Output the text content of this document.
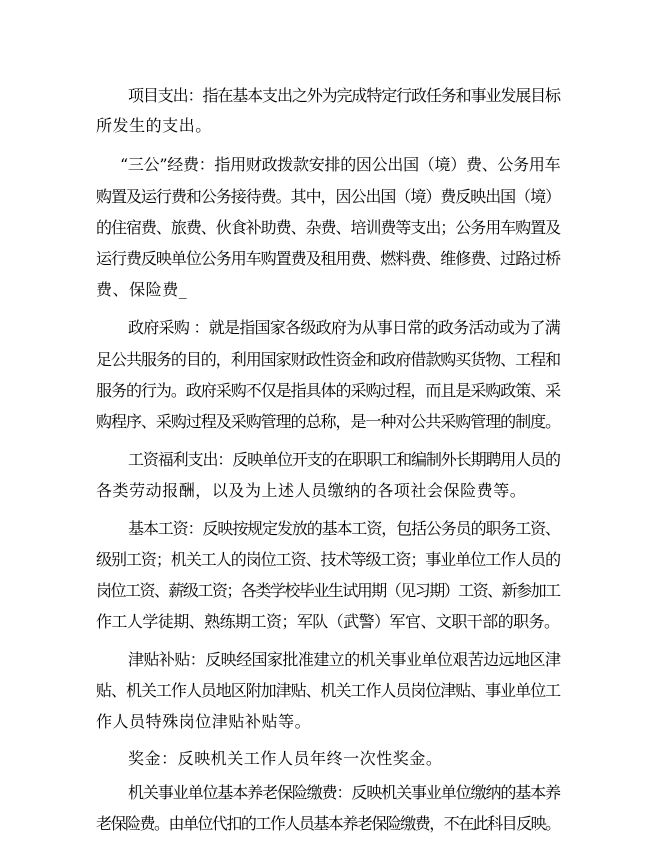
项目支出：指在基本支出之外为完成特定行政任务和事业发展目标
所发生的支出。
“三公”经费：指用财政拨款安排的因公出国（境）费、公务用车
购置及运行费和公务接待费。其中，因公出国（境）费反映出国（境）
的住宿费、旅费、伙食补助费、杂费、培训费等支出；公务用车购置及
运行费反映单位公务用车购置费及租用费、燃料费、维修费、过路过桥
费、保险费_
政府采购 ：就是指国家各级政府为从事日常的政务活动或为了满
足公共服务的目的，利用国家财政性资金和政府借款购买货物、工程和
服务的行为。政府采购不仅是指具体的采购过程，而且是采购政策、采
购程序、采购过程及采购管理的总称，是一种对公共采购管理的制度。
工资福利支出：反映单位开支的在职职工和编制外长期聘用人员的
各类劳动报酬，以及为上述人员缴纳的各项社会保险费等。
基本工资：反映按规定发放的基本工资，包括公务员的职务工资、
级别工资；机关工人的岗位工资、技术等级工资；事业单位工作人员的
岗位工资、薪级工资；各类学校毕业生试用期（见习期）工资、新参加工
作工人学徒期、熟练期工资；军队（武警）军官、文职干部的职务。
津贴补贴：反映经国家批准建立的机关事业单位艰苦边远地区津
贴、机关工作人员地区附加津贴、机关工作人员岗位津贴、事业单位工
作人员特殊岗位津贴补贴等。
奖金：反映机关工作人员年终一次性奖金。
机关事业单位基本养老保险缴费：反映机关事业单位缴纳的基本养
老保险费。由单位代扣的工作人员基本养老保险缴费，不在此科目反映。
